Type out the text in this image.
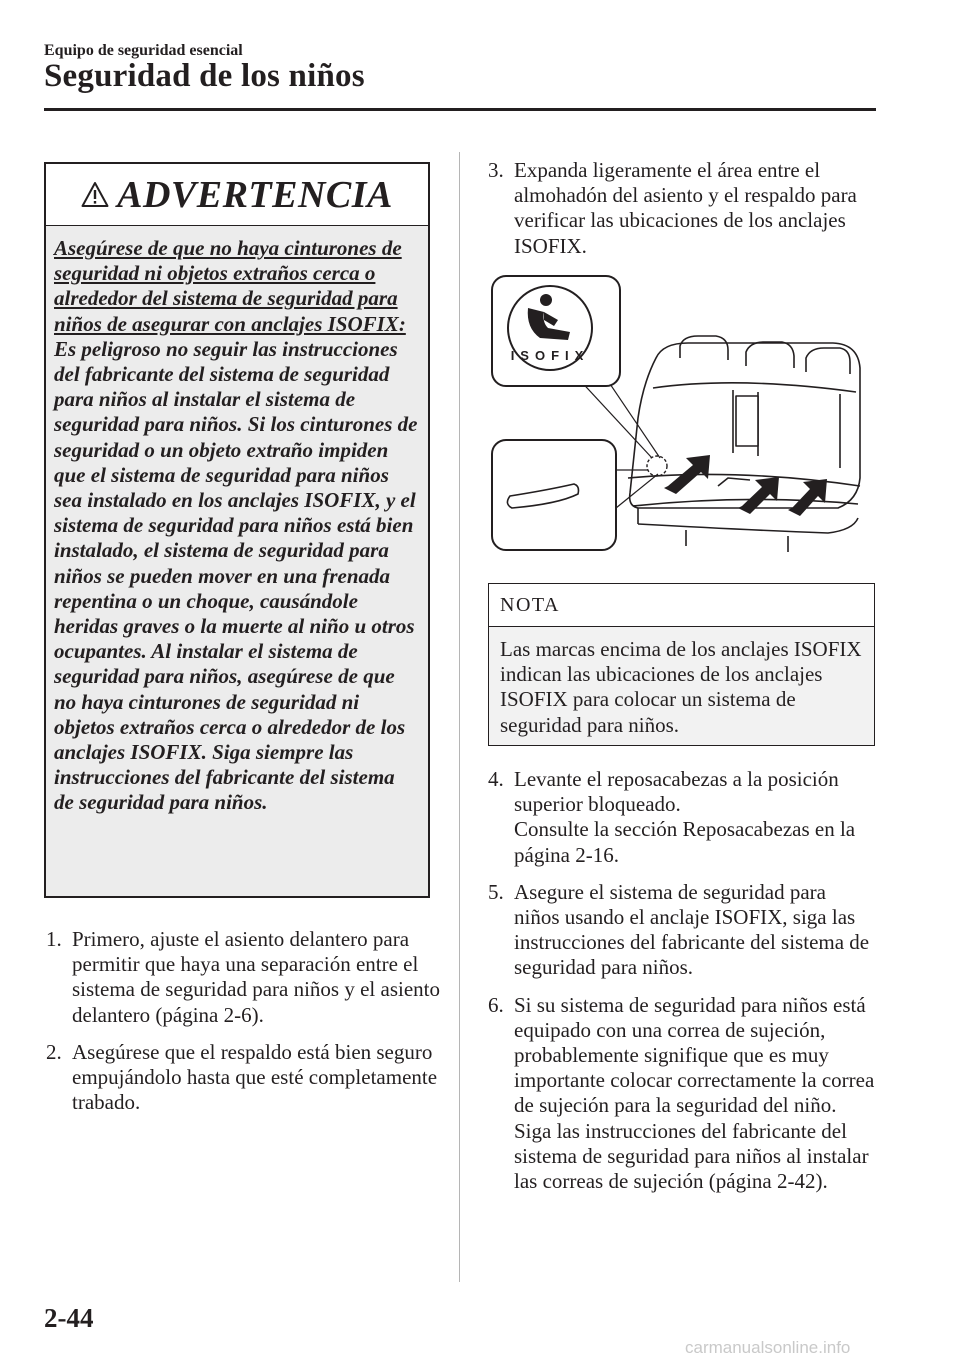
Equipo de seguridad esencial
Seguridad de los niños
ADVERTENCIA

Asegúrese de que no haya cinturones de seguridad ni objetos extraños cerca o alrededor del sistema de seguridad para niños de asegurar con anclajes ISOFIX:

Es peligroso no seguir las instrucciones del fabricante del sistema de seguridad para niños al instalar el sistema de seguridad para niños. Si los cinturones de seguridad o un objeto extraño impiden que el sistema de seguridad para niños sea instalado en los anclajes ISOFIX, y el sistema de seguridad para niños está bien instalado, el sistema de seguridad para niños se pueden mover en una frenada repentina o un choque, causándole heridas graves o la muerte al niño u otros ocupantes. Al instalar el sistema de seguridad para niños, asegúrese de que no haya cinturones de seguridad ni objetos extraños cerca o alrededor de los anclajes ISOFIX. Siga siempre las instrucciones del fabricante del sistema de seguridad para niños.

1. Primero, ajuste el asiento delantero para permitir que haya una separación entre el sistema de seguridad para niños y el asiento delantero (página 2-6).

2. Asegúrese que el respaldo está bien seguro empujándolo hasta que esté completamente trabado.

3. Expanda ligeramente el área entre el almohadón del asiento y el respaldo para verificar las ubicaciones de los anclajes ISOFIX.

ISOFIX
NOTA
Las marcas encima de los anclajes ISOFIX indican las ubicaciones de los anclajes ISOFIX para colocar un sistema de seguridad para niños.
4. Levante el reposacabezas a la posición superior bloqueado.

Consulte la sección Reposacabezas en la página 2-16.

5. Asegure el sistema de seguridad para niños usando el anclaje ISOFIX, siga las instrucciones del fabricante del sistema de seguridad para niños.

6. Si su sistema de seguridad para niños está equipado con una correa de sujeción, probablemente signifique que es muy importante colocar correctamente la correa de sujeción para la seguridad del niño. Siga las instrucciones del fabricante del sistema de seguridad para niños al instalar las correas de sujeción (página 2-42).

2-44
carmanualsonline.info
